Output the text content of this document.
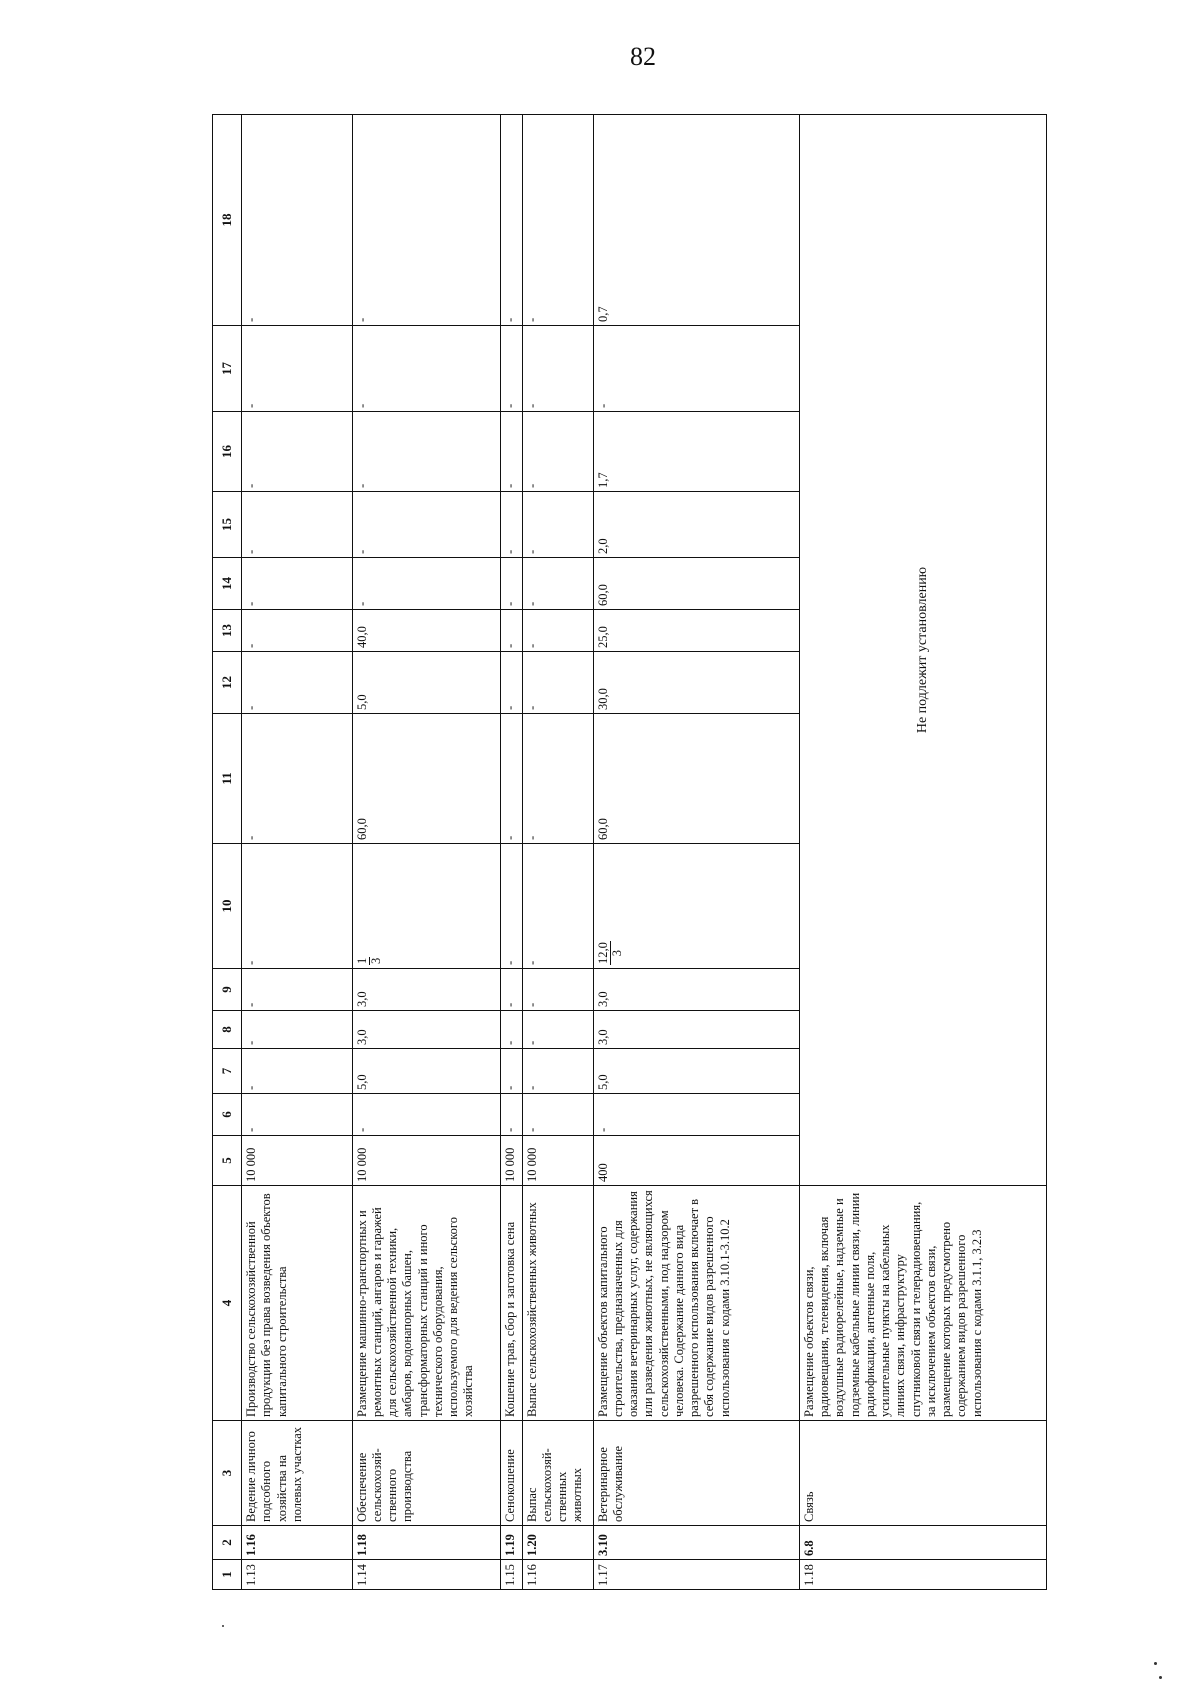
82
1	2	3	4	5	6	7	8	9	10	11	12	13	14	15	16	17	18
1.13	1.16	Ведение личного подсобного хозяйства на полевых участках	Производство сельскохозяйственной продукции без права возведения объектов капитального строительства	10 000	-	-	-	-	-	-	-	-	-	-	-	-	-
1.14	1.18	Обеспечение сельскохозяй-ственного производства	Размещение машинно-транспортных и ремонтных станций, ангаров и гаражей для сельскохозяйственной техники, амбаров, водонапорных башен, трансформаторных станций и иного технического оборудования, используемого для ведения сельского хозяйства	10 000	-	5,0	3,0	3,0	1 3	60,0	5,0	40,0	-	-	-	-	-
1.15	1.19	Сенокошение	Кошение трав, сбор и заготовка сена	10 000	-	-	-	-	-	-	-	-	-	-	-	-	-
1.16	1.20	Выпас сельскохозяй-ственных животных	Выпас сельскохозяйственных животных	10 000	-	-	-	-	-	-	-	-	-	-	-	-	-
1.17	3.10	Ветеринарное обслуживание	Размещение объектов капитального строительства, предназначенных для оказания ветеринарных услуг, содержания или разведения животных, не являющихся сельскохозяйственными, под надзором человека. Содержание данного вида разрешенного использования включает в себя содержание видов разрешенного использования с кодами 3.10.1-3.10.2	400	-	5,0	3,0	3,0	12,0 3	60,0	30,0	25,0	60,0	2,0	1,7	-	0,7
1.18	6.8	Связь	Размещение объектов связи, радиовещания, телевидения, включая воздушные радиорелейные, надземные и подземные кабельные линии связи, линии радиофикации, антенные поля, усилительные пункты на кабельных линиях связи, инфраструктуру спутниковой связи и телерадиовещания, за исключением объектов связи, размещение которых предусмотрено содержанием видов разрешенного использования с кодами 3.1.1, 3.2.3	Не подлежит установлению													
